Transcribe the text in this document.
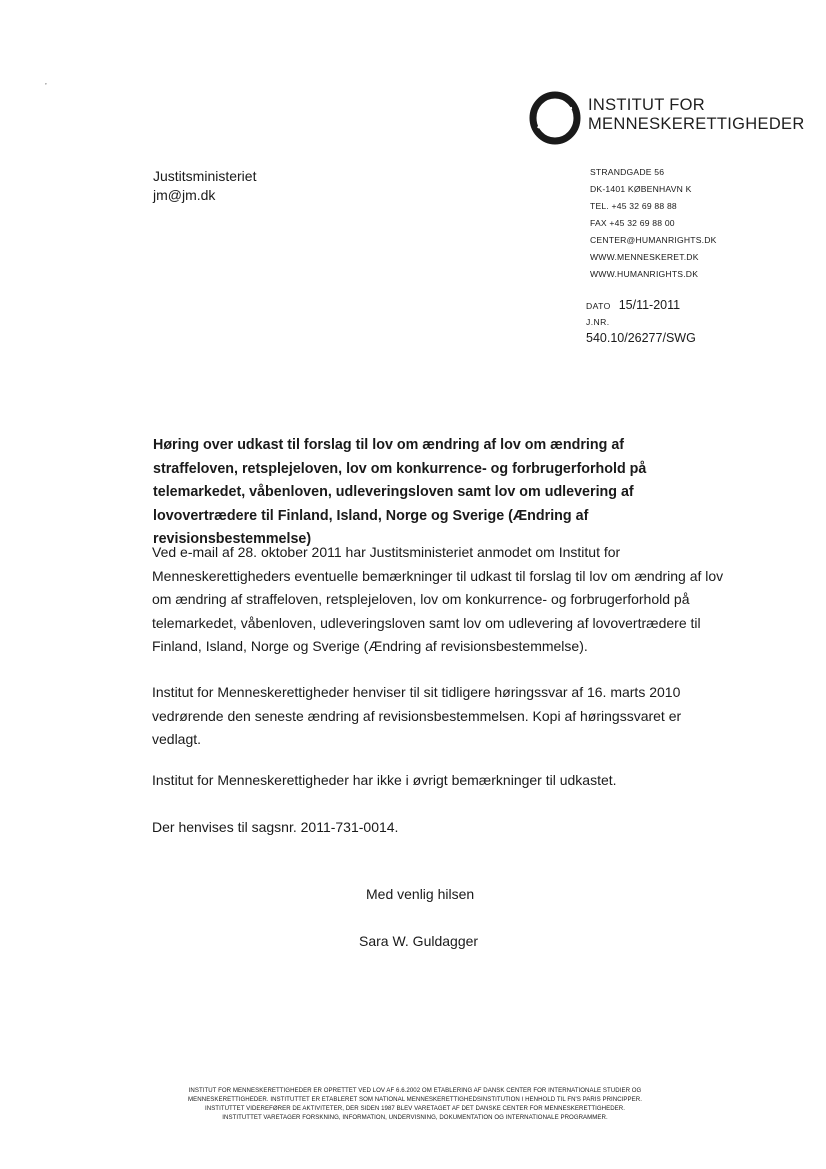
’
INSTITUT FOR
MENNESKERETTIGHEDER
Justitsministeriet
jm@jm.dk
STRANDGADE 56
DK-1401 KØBENHAVN K
TEL. +45 32 69 88 88
FAX +45 32 69 88 00
CENTER@HUMANRIGHTS.DK
WWW.MENNESKERET.DK
WWW.HUMANRIGHTS.DK
DATO 15/11-2011
J.NR.
540.10/26277/SWG
Høring over udkast til forslag til lov om ændring af lov om ændring af straffeloven, retsplejeloven, lov om konkurrence- og forbrugerforhold på telemarkedet, våbenloven, udleveringsloven samt lov om udlevering af lovovertrædere til Finland, Island, Norge og Sverige (Ændring af revisionsbestemmelse)
Ved e-mail af 28. oktober 2011 har Justitsministeriet anmodet om Institut for Menneskerettigheders eventuelle bemærkninger til udkast til forslag til lov om ændring af lov om ændring af straffeloven, retsplejeloven, lov om konkurrence- og forbrugerforhold på telemarkedet, våbenloven, udleveringsloven samt lov om udlevering af lovovertrædere til Finland, Island, Norge og Sverige (Ændring af revisionsbestemmelse).
Institut for Menneskerettigheder henviser til sit tidligere høringssvar af 16. marts 2010 vedrørende den seneste ændring af revisionsbestemmelsen. Kopi af høringssvaret er vedlagt.
Institut for Menneskerettigheder har ikke i øvrigt bemærkninger til udkastet.
Der henvises til sagsnr. 2011-731-0014.
Med venlig hilsen
Sara W. Guldagger
INSTITUT FOR MENNESKERETTIGHEDER ER OPRETTET VED LOV AF 6.6.2002 OM ETABLERING AF DANSK CENTER FOR INTERNATIONALE STUDIER OG
MENNESKERETTIGHEDER. INSTITUTTET ER ETABLERET SOM NATIONAL MENNESKERETTIGHEDSINSTITUTION I HENHOLD TIL FN'S PARIS PRINCIPPER.
INSTITUTTET VIDEREFØRER DE AKTIVITETER, DER SIDEN 1987 BLEV VARETAGET AF DET DANSKE CENTER FOR MENNESKERETTIGHEDER.
INSTITUTTET VARETAGER FORSKNING, INFORMATION, UNDERVISNING, DOKUMENTATION OG INTERNATIONALE PROGRAMMER.
